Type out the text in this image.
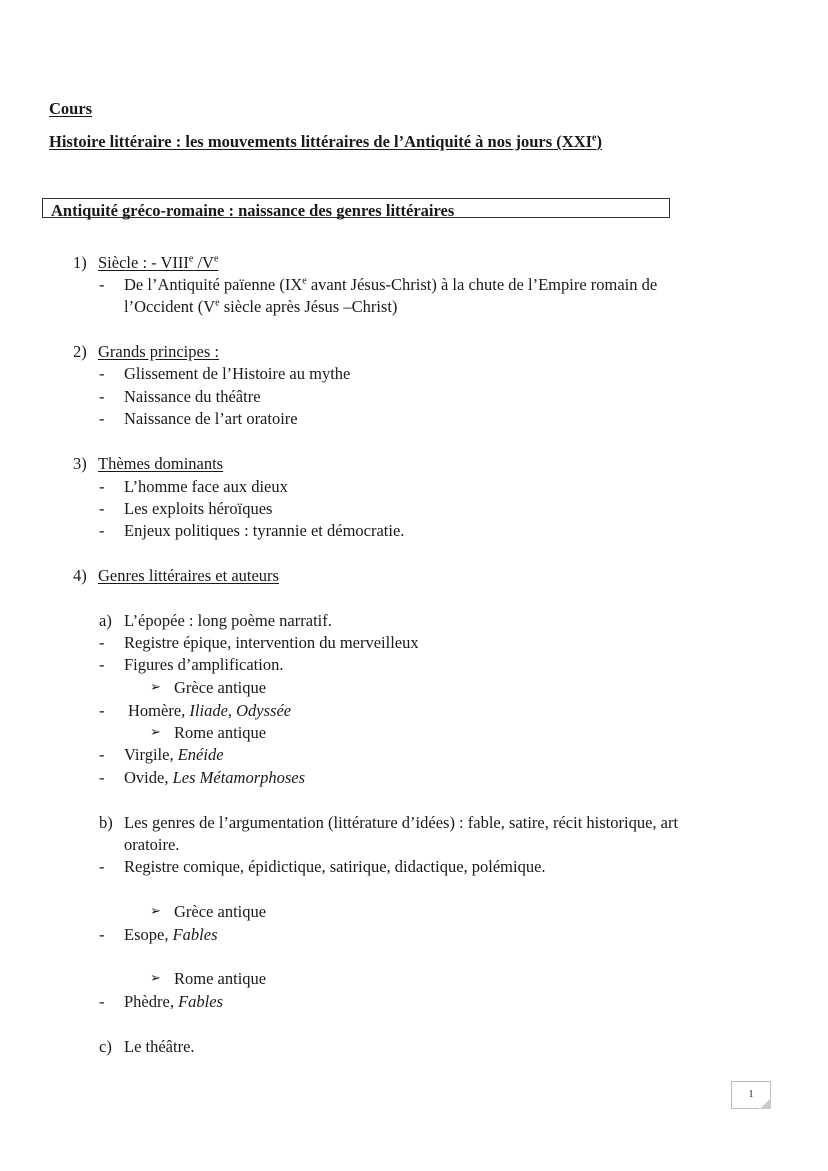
Cours
Histoire littéraire : les mouvements littéraires de l’Antiquité à nos jours (XXIe)
Antiquité gréco-romaine : naissance des genres littéraires
1) Siècle : - VIIIe /Ve
- De l’Antiquité païenne (IXe avant Jésus-Christ) à la chute de l’Empire romain de
l’Occident (Ve siècle après Jésus –Christ)
2) Grands principes :
- Glissement de l’Histoire au mythe
- Naissance du théâtre
- Naissance de l’art oratoire
3) Thèmes dominants
- L’homme face aux dieux
- Les exploits héroïques
- Enjeux politiques : tyrannie et démocratie.
4) Genres littéraires et auteurs
a) L’épopée : long poème narratif.
- Registre épique, intervention du merveilleux
- Figures d’amplification.
➢ Grèce antique
- Homère, Iliade, Odyssée
➢ Rome antique
- Virgile, Enéide
- Ovide, Les Métamorphoses
b) Les genres de l’argumentation (littérature d’idées) : fable, satire, récit historique, art
oratoire.
- Registre comique, épidictique, satirique, didactique, polémique.
➢ Grèce antique
- Esope, Fables
➢ Rome antique
- Phèdre, Fables
c) Le théâtre.
1
